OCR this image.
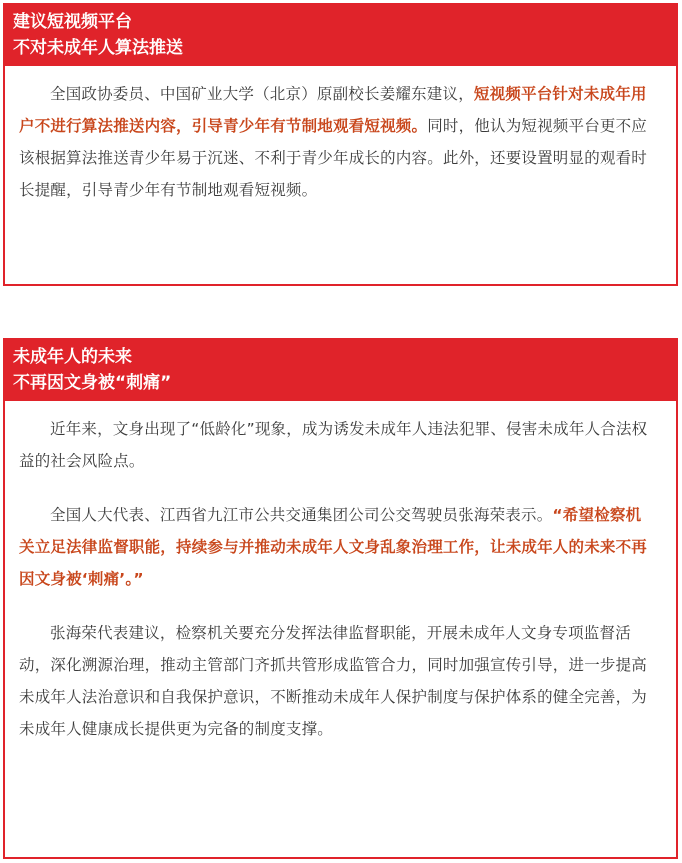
建议短视频平台
不对未成年人算法推送

全国政协委员、中国矿业大学（北京）原副校长姜耀东建议，短视频平台针对未成年用户不进行算法推送内容，引导青少年有节制地观看短视频。同时，他认为短视频平台更不应该根据算法推送青少年易于沉迷、不利于青少年成长的内容。此外，还要设置明显的观看时长提醒，引导青少年有节制地观看短视频。

未成年人的未来
不再因文身被“刺痛”

近年来，文身出现了“低龄化”现象，成为诱发未成年人违法犯罪、侵害未成年人合法权益的社会风险点。

全国人大代表、江西省九江市公共交通集团公司公交驾驶员张海荣表示。“希望检察机关立足法律监督职能，持续参与并推动未成年人文身乱象治理工作，让未成年人的未来不再因文身被‘刺痛’。”

张海荣代表建议，检察机关要充分发挥法律监督职能，开展未成年人文身专项监督活动，深化溯源治理，推动主管部门齐抓共管形成监管合力，同时加强宣传引导，进一步提高未成年人法治意识和自我保护意识，不断推动未成年人保护制度与保护体系的健全完善，为未成年人健康成长提供更为完备的制度支撑。
